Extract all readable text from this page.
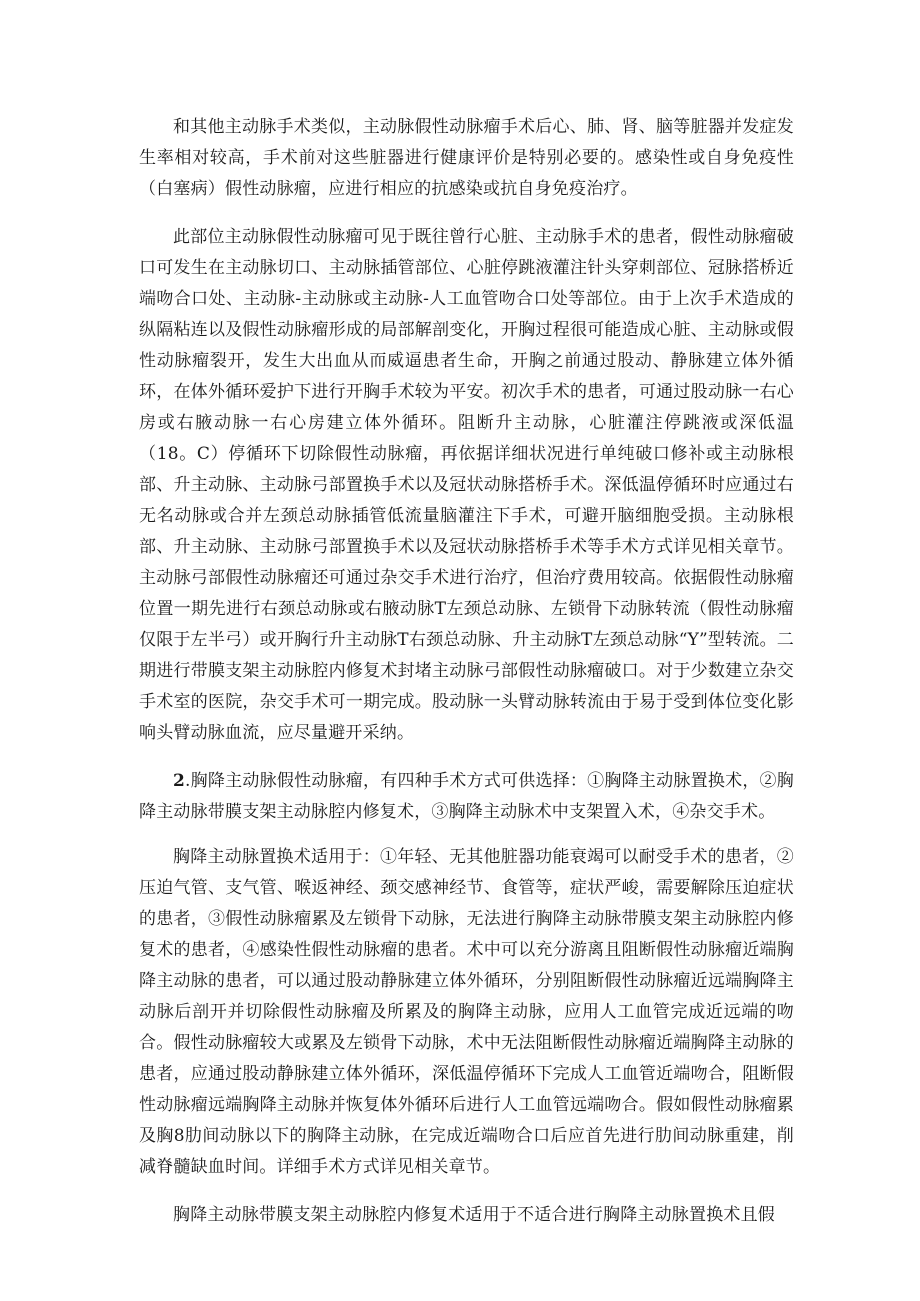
和其他主动脉手术类似，主动脉假性动脉瘤手术后心、肺、肾、脑等脏器并发症发生率相对较高，手术前对这些脏器进行健康评价是特别必要的。感染性或自身免疫性（白塞病）假性动脉瘤，应进行相应的抗感染或抗自身免疫治疗。

此部位主动脉假性动脉瘤可见于既往曾行心脏、主动脉手术的患者，假性动脉瘤破口可发生在主动脉切口、主动脉插管部位、心脏停跳液灌注针头穿刺部位、冠脉搭桥近端吻合口处、主动脉-主动脉或主动脉-人工血管吻合口处等部位。由于上次手术造成的纵隔粘连以及假性动脉瘤形成的局部解剖变化，开胸过程很可能造成心脏、主动脉或假性动脉瘤裂开，发生大出血从而威逼患者生命，开胸之前通过股动、静脉建立体外循环，在体外循环爱护下进行开胸手术较为平安。初次手术的患者，可通过股动脉一右心房或右腋动脉一右心房建立体外循环。阻断升主动脉，心脏灌注停跳液或深低温（18。C）停循环下切除假性动脉瘤，再依据详细状况进行单纯破口修补或主动脉根部、升主动脉、主动脉弓部置换手术以及冠状动脉搭桥手术。深低温停循环时应通过右无名动脉或合并左颈总动脉插管低流量脑灌注下手术，可避开脑细胞受损。主动脉根部、升主动脉、主动脉弓部置换手术以及冠状动脉搭桥手术等手术方式详见相关章节。主动脉弓部假性动脉瘤还可通过杂交手术进行治疗，但治疗费用较高。依据假性动脉瘤位置一期先进行右颈总动脉或右腋动脉T左颈总动脉、左锁骨下动脉转流（假性动脉瘤仅限于左半弓）或开胸行升主动脉T右颈总动脉、升主动脉T左颈总动脉“Y”型转流。二期进行带膜支架主动脉腔内修复术封堵主动脉弓部假性动脉瘤破口。对于少数建立杂交手术室的医院，杂交手术可一期完成。股动脉一头臂动脉转流由于易于受到体位变化影响头臂动脉血流，应尽量避开采纳。

2.胸降主动脉假性动脉瘤，有四种手术方式可供选择：①胸降主动脉置换术，②胸降主动脉带膜支架主动脉腔内修复术，③胸降主动脉术中支架置入术，④杂交手术。

胸降主动脉置换术适用于：①年轻、无其他脏器功能衰竭可以耐受手术的患者，②压迫气管、支气管、喉返神经、颈交感神经节、食管等，症状严峻，需要解除压迫症状的患者，③假性动脉瘤累及左锁骨下动脉，无法进行胸降主动脉带膜支架主动脉腔内修复术的患者，④感染性假性动脉瘤的患者。术中可以充分游离且阻断假性动脉瘤近端胸降主动脉的患者，可以通过股动静脉建立体外循环，分别阻断假性动脉瘤近远端胸降主动脉后剖开并切除假性动脉瘤及所累及的胸降主动脉，应用人工血管完成近远端的吻合。假性动脉瘤较大或累及左锁骨下动脉，术中无法阻断假性动脉瘤近端胸降主动脉的患者，应通过股动静脉建立体外循环，深低温停循环下完成人工血管近端吻合，阻断假性动脉瘤远端胸降主动脉并恢复体外循环后进行人工血管远端吻合。假如假性动脉瘤累及胸8肋间动脉以下的胸降主动脉，在完成近端吻合口后应首先进行肋间动脉重建，削减脊髓缺血时间。详细手术方式详见相关章节。

胸降主动脉带膜支架主动脉腔内修复术适用于不适合进行胸降主动脉置换术且假
